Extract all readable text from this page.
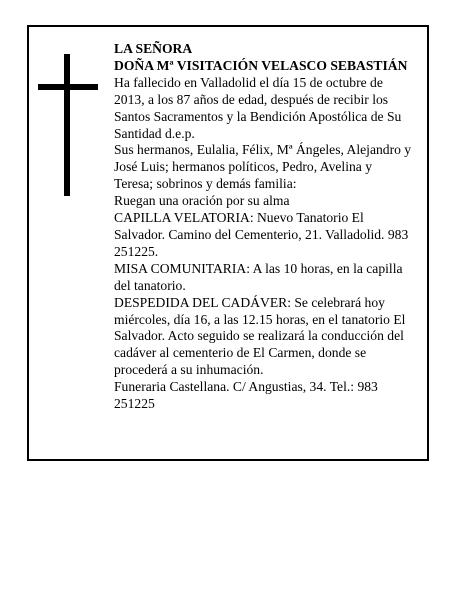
LA SEÑORA

DOÑA Mª VISITACIÓN VELASCO SEBASTIÁN

Ha fallecido en Valladolid el día 15 de octubre de 2013, a los 87 años de edad, después de recibir los Santos Sacramentos y la Bendición Apostólica de Su Santidad d.e.p.

Sus hermanos, Eulalia, Félix, Mª Ángeles, Alejandro y José Luis; hermanos políticos, Pedro, Avelina y Teresa; sobrinos y demás familia:

Ruegan una oración por su alma

CAPILLA VELATORIA: Nuevo Tanatorio El Salvador. Camino del Cementerio, 21. Valladolid. 983 251225.

MISA COMUNITARIA: A las 10 horas, en la capilla del tanatorio.

DESPEDIDA DEL CADÁVER: Se celebrará hoy miércoles, día 16, a las 12.15 horas, en el tanatorio El Salvador. Acto seguido se realizará la conducción del cadáver al cementerio de El Carmen, donde se procederá a su inhumación.

Funeraria Castellana. C/ Angustias, 34. Tel.: 983 251225
